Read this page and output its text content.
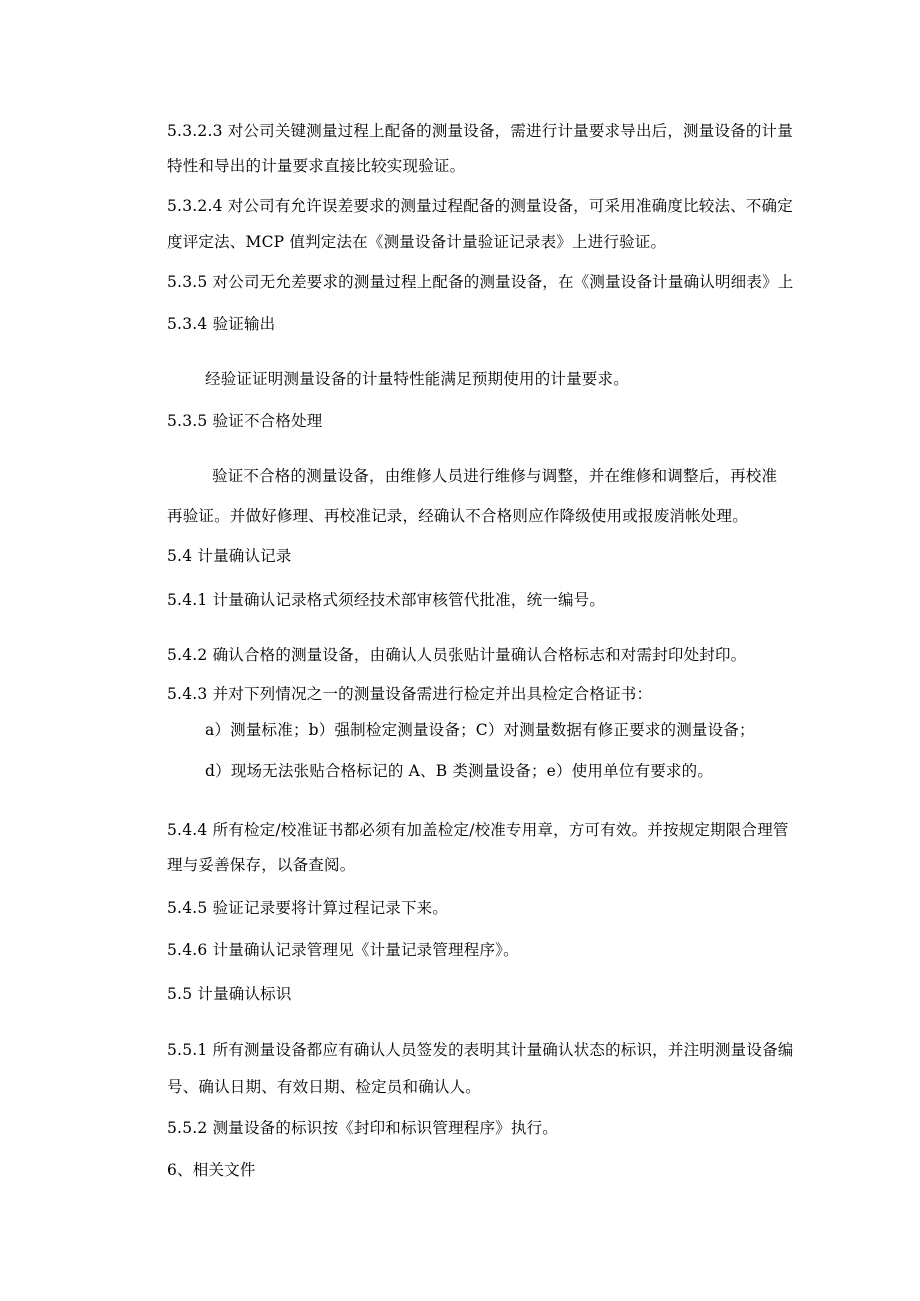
5.3.2.3 对公司关键测量过程上配备的测量设备，需进行计量要求导出后，测量设备的计量
特性和导出的计量要求直接比较实现验证。
5.3.2.4 对公司有允许误差要求的测量过程配备的测量设备，可采用准确度比较法、不确定
度评定法、MCP 值判定法在《测量设备计量验证记录表》上进行验证。
5.3.5 对公司无允差要求的测量过程上配备的测量设备，在《测量设备计量确认明细表》上
5.3.4 验证输出
经验证证明测量设备的计量特性能满足预期使用的计量要求。
5.3.5 验证不合格处理
验证不合格的测量设备，由维修人员进行维修与调整，并在维修和调整后，再校准
再验证。并做好修理、再校准记录，经确认不合格则应作降级使用或报废消帐处理。
5.4 计量确认记录
5.4.1 计量确认记录格式须经技术部审核管代批准，统一编号。
5.4.2 确认合格的测量设备，由确认人员张贴计量确认合格标志和对需封印处封印。
5.4.3 并对下列情况之一的测量设备需进行检定并出具检定合格证书：
a）测量标准；b）强制检定测量设备；C）对测量数据有修正要求的测量设备；
d）现场无法张贴合格标记的 A、B 类测量设备；e）使用单位有要求的。
5.4.4 所有检定/校准证书都必须有加盖检定/校准专用章，方可有效。并按规定期限合理管
理与妥善保存，以备查阅。
5.4.5 验证记录要将计算过程记录下来。
5.4.6 计量确认记录管理见《计量记录管理程序》。
5.5 计量确认标识
5.5.1 所有测量设备都应有确认人员签发的表明其计量确认状态的标识，并注明测量设备编
号、确认日期、有效日期、检定员和确认人。
5.5.2 测量设备的标识按《封印和标识管理程序》执行。
6、相关文件
